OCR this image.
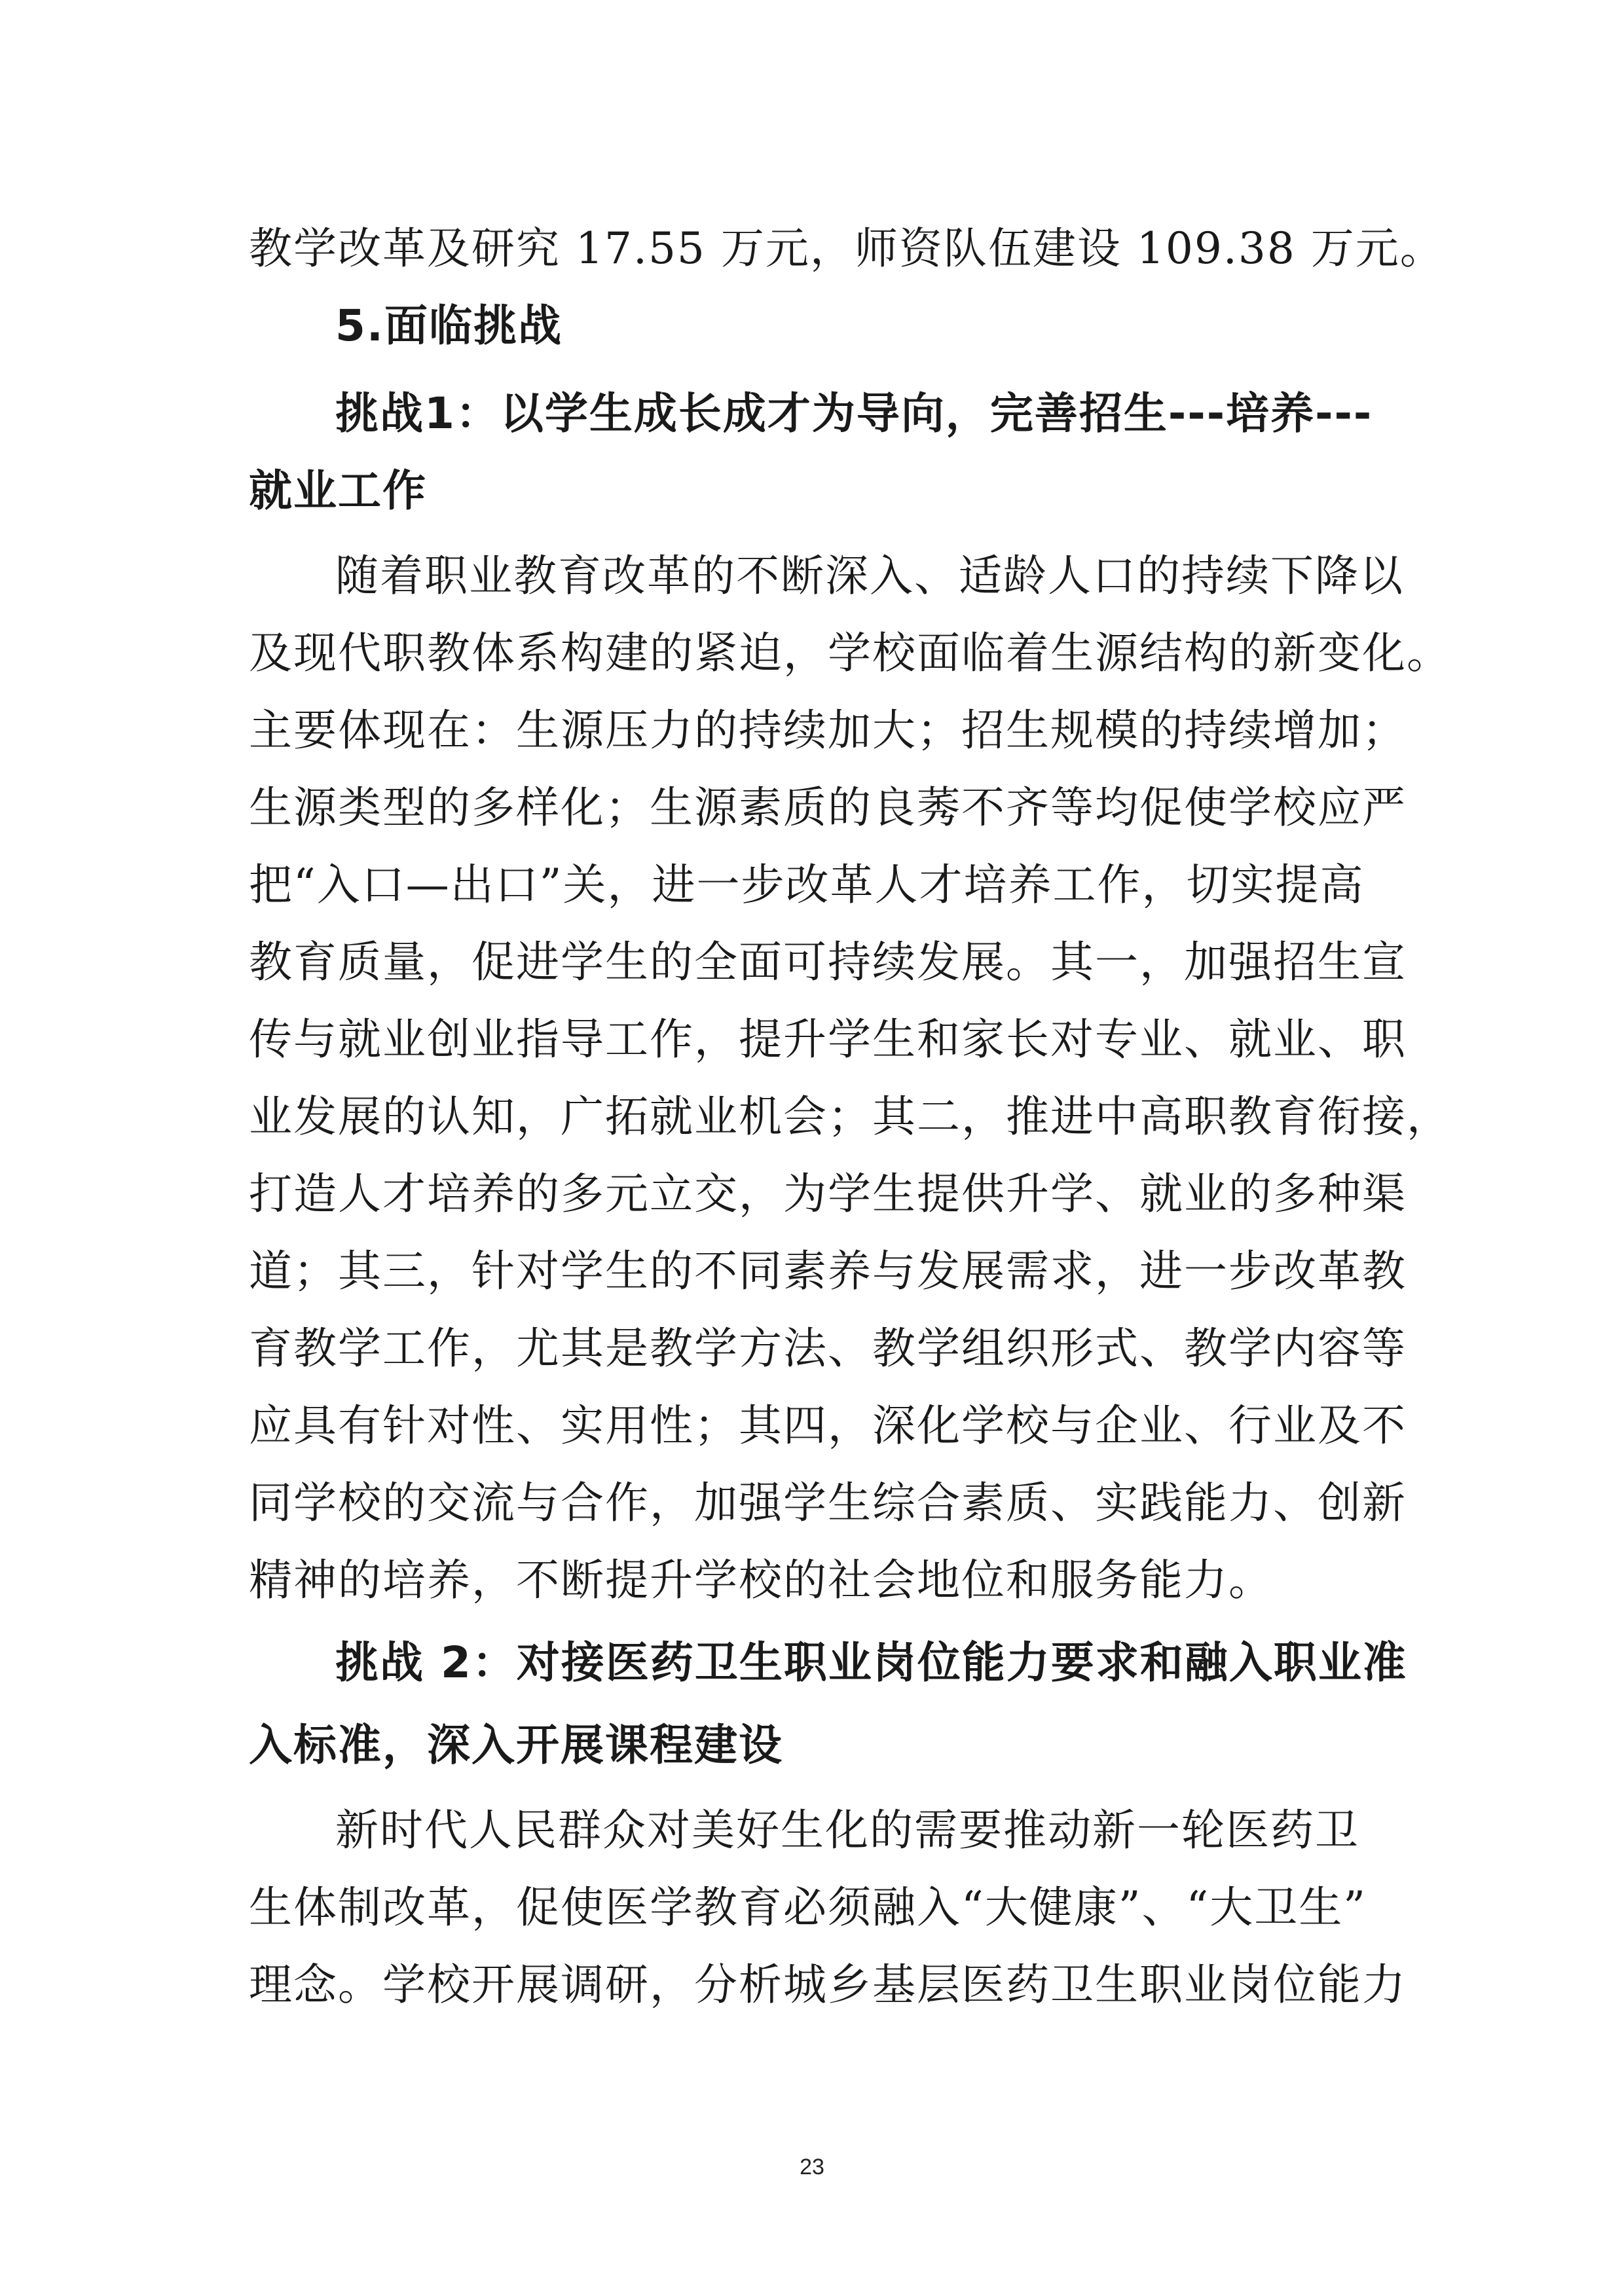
教学改革及研究 17.55 万元，师资队伍建设 109.38 万元。
5.面临挑战
挑战1：以学生成长成才为导向，完善招生---培养---
就业工作
随着职业教育改革的不断深入、适龄人口的持续下降以
及现代职教体系构建的紧迫，学校面临着生源结构的新变化。
主要体现在：生源压力的持续加大；招生规模的持续增加；
生源类型的多样化；生源素质的良莠不齐等均促使学校应严
把“入口—出口”关，进一步改革人才培养工作，切实提高
教育质量，促进学生的全面可持续发展。其一，加强招生宣
传与就业创业指导工作，提升学生和家长对专业、就业、职
业发展的认知，广拓就业机会；其二，推进中高职教育衔接，
打造人才培养的多元立交，为学生提供升学、就业的多种渠
道；其三，针对学生的不同素养与发展需求，进一步改革教
育教学工作，尤其是教学方法、教学组织形式、教学内容等
应具有针对性、实用性；其四，深化学校与企业、行业及不
同学校的交流与合作，加强学生综合素质、实践能力、创新
精神的培养，不断提升学校的社会地位和服务能力。
挑战 2：对接医药卫生职业岗位能力要求和融入职业准
入标准，深入开展课程建设
新时代人民群众对美好生化的需要推动新一轮医药卫
生体制改革，促使医学教育必须融入“大健康”、“大卫生”
理念。学校开展调研，分析城乡基层医药卫生职业岗位能力
23
